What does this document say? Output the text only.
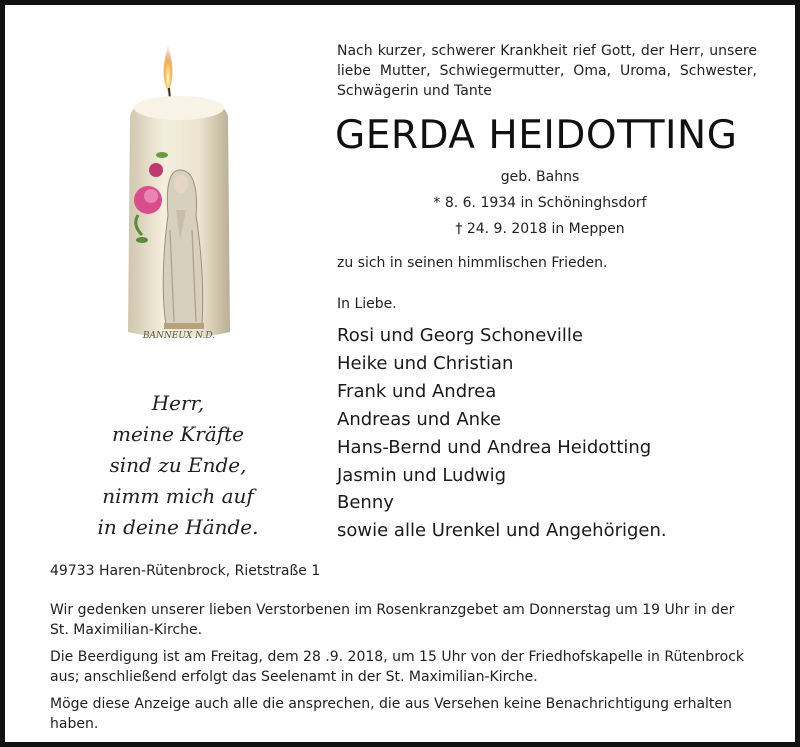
BANNEUX N.D.
Nach kurzer, schwerer Krankheit rief Gott, der Herr, unsere
liebe Mutter, Schwiegermutter, Oma, Uroma, Schwester,
Schwägerin und Tante
GERDA HEIDOTTING
geb. Bahns
* 8. 6. 1934 in Schöninghsdorf
† 24. 9. 2018 in Meppen
zu sich in seinen himmlischen Frieden.
In Liebe.
Rosi und Georg Schoneville
Heike und Christian
Frank und Andrea
Andreas und Anke
Hans-Bernd und Andrea Heidotting
Jasmin und Ludwig
Benny
sowie alle Urenkel und Angehörigen.
Herr,
meine Kräfte
sind zu Ende,
nimm mich auf
in deine Hände.
49733 Haren-Rütenbrock, Rietstraße 1

Wir gedenken unserer lieben Verstorbenen im Rosenkranzgebet am Donnerstag um 19 Uhr in der St. Maximilian-Kirche.

Die Beerdigung ist am Freitag, dem 28 .9. 2018, um 15 Uhr von der Friedhofskapelle in Rütenbrock aus; anschließend erfolgt das Seelenamt in der St. Maximilian-Kirche.

Möge diese Anzeige auch alle die ansprechen, die aus Versehen keine Benachrichtigung erhalten haben.
